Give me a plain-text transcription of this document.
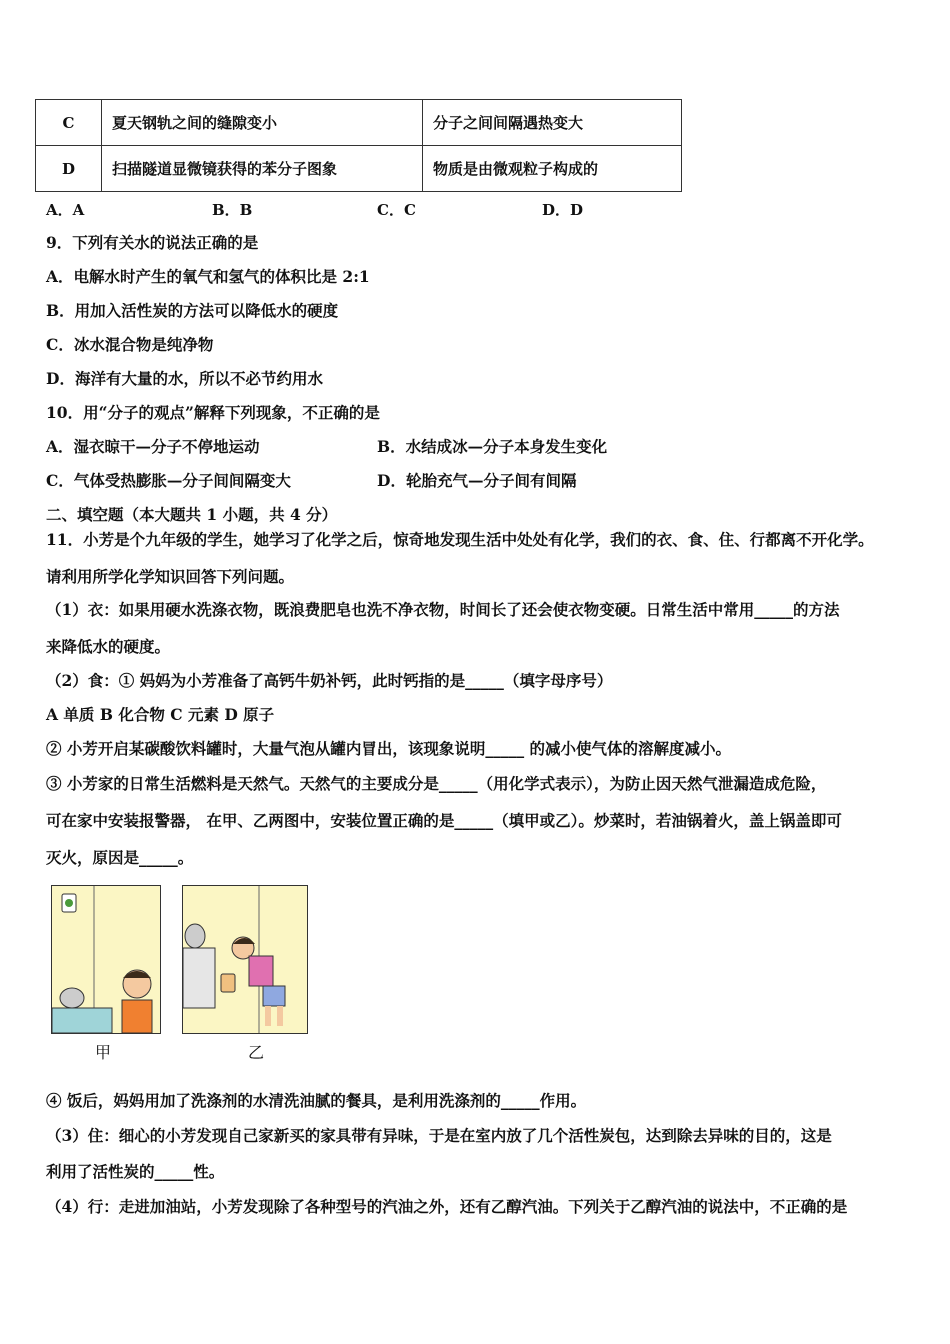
C	夏天钢轨之间的缝隙变小	分子之间间隔遇热变大
D	扫描隧道显微镜获得的苯分子图象	物质是由微观粒子构成的
A．A	B．B	C．C	D．D
9．下列有关水的说法正确的是
A．电解水时产生的氧气和氢气的体积比是 2:1
B．用加入活性炭的方法可以降低水的硬度
C．冰水混合物是纯净物
D．海洋有大量的水，所以不必节约用水
10．用“分子的观点”解释下列现象，不正确的是
A．湿衣晾干—分子不停地运动	B．水结成冰—分子本身发生变化
C．气体受热膨胀—分子间间隔变大	D．轮胎充气—分子间有间隔
二、填空题（本大题共 1 小题，共 4 分）
11．小芳是个九年级的学生，她学习了化学之后，惊奇地发现生活中处处有化学，我们的衣、食、住、行都离不开化学。
请利用所学化学知识回答下列问题。
（1）衣：如果用硬水洗涤衣物，既浪费肥皂也洗不净衣物，时间长了还会使衣物变硬。日常生活中常用_____的方法
来降低水的硬度。
（2）食：① 妈妈为小芳准备了高钙牛奶补钙，此时钙指的是_____（填字母序号）
A 单质 B 化合物 C 元素 D 原子
② 小芳开启某碳酸饮料罐时，大量气泡从罐内冒出，该现象说明_____ 的减小使气体的溶解度减小。
③ 小芳家的日常生活燃料是天然气。天然气的主要成分是_____（用化学式表示），为防止因天然气泄漏造成危险，
可在家中安装报警器， 在甲、乙两图中，安装位置正确的是_____（填甲或乙）。炒菜时，若油锅着火，盖上锅盖即可
灭火，原因是_____。
甲	乙
④ 饭后，妈妈用加了洗涤剂的水清洗油腻的餐具，是利用洗涤剂的_____作用。
（3）住：细心的小芳发现自己家新买的家具带有异味，于是在室内放了几个活性炭包，达到除去异味的目的，这是
利用了活性炭的_____性。
（4）行：走进加油站，小芳发现除了各种型号的汽油之外，还有乙醇汽油。下列关于乙醇汽油的说法中，不正确的是
